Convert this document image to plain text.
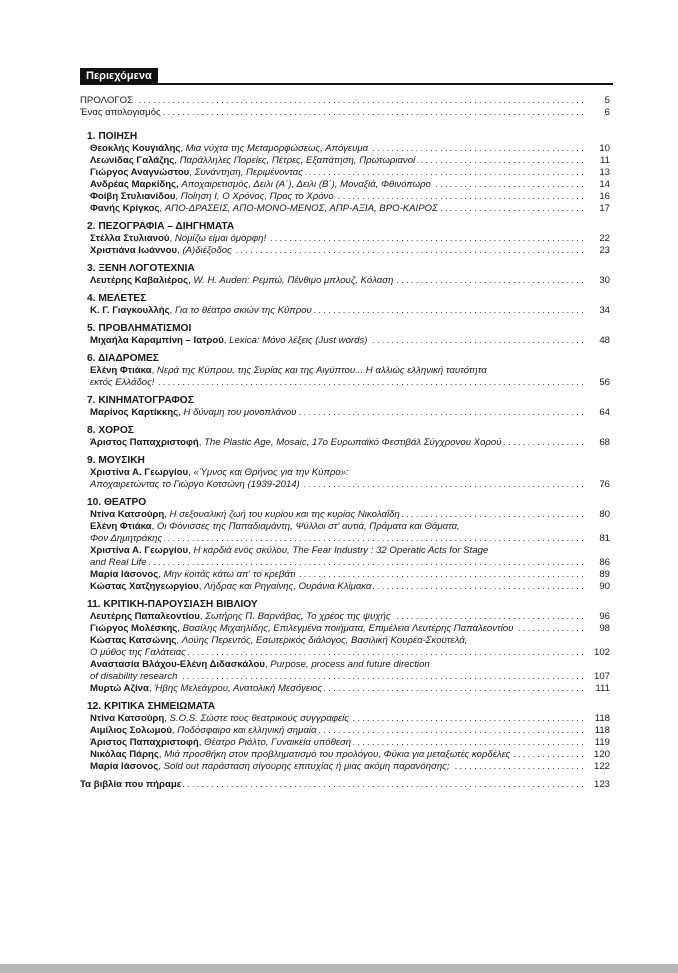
Περιεχόμενα
.....
ΠΡΟΛΟΓΟΣ	5
.....
Ένας απολογισμός	6
1. ΠΟΙΗΣΗ
.....
Θεοκλής Κουγιάλης, Μια νύχτα της Μεταμορφώσεως, Απόγευμα	10
.....
Λεωνίδας Γαλάζης, Παράλληλες Πορείες, Πέτρες, Εξαπάτηση, Πρωτωριανοί	11
.....
Γιώργος Αναγνώστου, Συνάντηση, Περιμένοντας	13
.....
Ανδρέας Μαρκίδης, Αποχαιρετισμός, Δειλι (Α΄), Δειλι (Β΄), Μοναξιά, Φθινόπωρο	14
.....
Φοίβη Στυλιανίδου, Ποίηση Ι, Ο Χρόνος, Προς το Χρόνο	16
.....
Φανής Κρίγκος, ΑΠΟ-ΔΡΑΣΕΙΣ, ΑΠΟ-ΜΟΝΟ-ΜΕΝΟΣ, ΑΠΡ-ΑΞΙΑ, ΒΡΟ-ΚΑΙΡΟΣ	17
2. ΠΕΖΟΓΡΑΦΙΑ – ΔΙΗΓΗΜΑΤΑ
.....
Στέλλα Στυλιανού, Νομίζω είμαι όμορφη!	22
.....
Χριστιάνα Ιωάννου, (Α)διέξοδος	23
3. ΞΕΝΗ ΛΟΓΟΤΕΧΝΙΑ
.....
Λευτέρης Καβαλιέρος, W. H. Auden: Ρεμπώ, Πένθιμο μπλουζ, Κόλαση	30
4. ΜΕΛΕΤΕΣ
.....
Κ. Γ. Γιαγκουλλής, Για το θέατρο σκιών της Κύπρου	34
5. ΠΡΟΒΛΗΜΑΤΙΣΜΟΙ
.....
Μιχαήλα Καραμπίνη – Ιατρού, Lexica: Μόνο λέξεις (Just words)	48
6. ΔΙΑΔΡΟΜΕΣ
Ελένη Φτιάκα, Νερά της Κύπρου, της Συρίας και της Αιγύπτου... Η αλλιώς ελληνική ταυτότητα
.....
εκτός Ελλάδος!	56
7. ΚΙΝΗΜΑΤΟΓΡΑΦΟΣ
.....
Μαρίνος Καρτίκκης, Η δύναμη του μονοπλάνου	64
8. ΧΟΡΟΣ
.....
Άριστος Παπαχριστοφή, The Plastic Age, Mosaic, 17ο Ευρωπαϊκό Φεστιβάλ Σύγχρονου Χορού	68
9. ΜΟΥΣΙΚΗ
Χριστίνα Α. Γεωργίου, «Ύμνος και Θρήνος για την Κύπρο»:
.....
Αποχαιρετώντας το Γιώργο Κοτσώνη (1939-2014)	76
10. ΘΕΑΤΡΟ
.....
Ντίνα Κατσούρη, Η σεξουαλική ζωή του κυρίου και της κυρίας Νικολαΐδη	80
Ελένη Φτιάκα, Οι Φόνισσες της Παπαδιαμάντη, Ψύλλοι στ' αυτιά, Πράματα και Θάματα,
.....
Φον Δημητράκης	81
Χριστίνα Α. Γεωργίου, Η καρδιά ενός σκύλου, The Fear Industry : 32 Operatic Acts for Stage
.....
and Real Life	86
.....
Μαρία Ιάσονος, Μην κοιτάς κάτω απ' το κρεβάτι	89
.....
Κώστας Χατζηγεωργίου, Λήδρας και Ρηγαίνης, Ουράνια Κλίμακα	90
11. ΚΡΙΤΙΚΗ-ΠΑΡΟΥΣΙΑΣΗ ΒΙΒΛΙΟΥ
.....
Λευτέρης Παπαλεοντίου, Σωτήρης Π. Βαρνάβας, Το χρέος της ψυχής	96
.....
Γιώργος Μολέσκης, Βασίλης Μιχαηλίδης, Επιλεγμένα ποιήματα, Επιμέλεια Λευτέρης Παπαλεοντίου	98
Κώστας Κατσώνης, Λούης Περεντός, Εσωτερικός διάλογος, Βασιλική Κουρέα-Σκουτελά,
.....
Ο μύθος της Γαλάτειας	102
Αναστασία Βλάχου-Ελένη Διδασκάλου, Purpose, process and future direction
.....
of disability research	107
.....
Μυρτώ Αζίνα, Ήβης Μελεάγρου, Ανατολική Μεσόγειος	111
12. ΚΡΙΤΙΚΑ ΣΗΜΕΙΩΜΑΤΑ
.....
Ντίνα Κατσούρη, S.O.S. Σώστε τους θεατρικούς συγγραφείς	118
.....
Αιμίλιος Σολωμού, Ποδόσφαιρο και ελληνική σημαία	118
.....
Άριστος Παπαχριστοφή, Θέατρο Ριάλτο, Γυναικεία υπόθεση	119
.....
Νικόλας Πάρης, Μιά προσθήκη στον προβληματισμό του προλόγου, Φύκια για μεταξωτές κορδέλες	120
.....
Μαρία Ιάσονος, Sold out παράσταση σίγουρης επιτυχίας ή μιας ακόμη παρανόησης;	122
.....
Τα βιβλία που πήραμε	123
